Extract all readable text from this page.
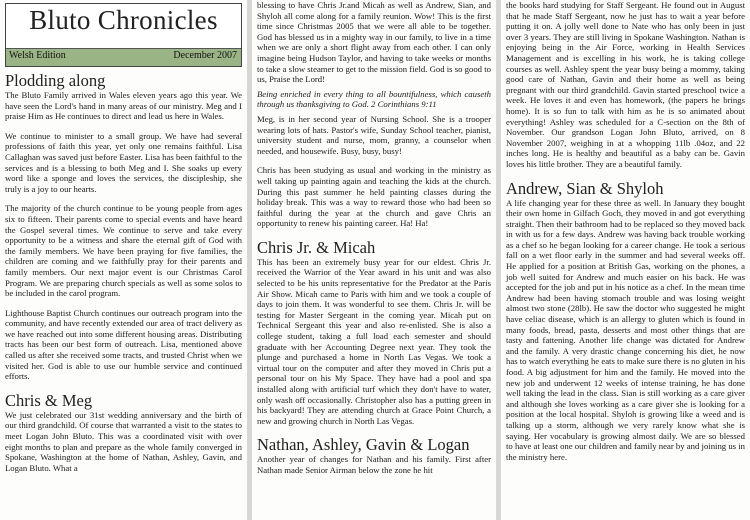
Bluto Chronicles
Welsh Edition	December 2007
Plodding along

The Bluto Family arrived in Wales eleven years ago this year. We have seen the Lord's hand in many areas of our ministry. Meg and I praise Him as He continues to direct and lead us here in Wales.

We continue to minister to a small group. We have had several professions of faith this year, yet only one remains faithful. Lisa Callaghan was saved just before Easter. Lisa has been faithful to the services and is a blessing to both Meg and I. She soaks up every word like a sponge and loves the services, the discipleship, she truly is a joy to our hearts.

The majority of the church continue to be young people from ages six to fifteen. Their parents come to special events and have heard the Gospel several times. We continue to serve and take every opportunity to be a witness and share the eternal gift of God with the family members. We have been praying for five families, the children are coming and we faithfully pray for their parents and family members. Our next major event is our Christmas Carol Program. We are preparing church specials as well as some solos to be included in the carol program.

Lighthouse Baptist Church continues our outreach program into the community, and have recently extended our area of tract delivery as we have reached out into some different housing areas. Distributing tracts has been our best form of outreach. Lisa, mentioned above called us after she received some tracts, and trusted Christ when we visited her. God is able to use our humble service and continued efforts.

Chris & Meg

We just celebrated our 31st wedding anniversary and the birth of our third grandchild. Of course that warranted a visit to the states to meet Logan John Bluto. This was a coordinated visit with over eight months to plan and prepare as the whole family converged in Spokane, Washington at the home of Nathan, Ashley, Gavin, and Logan Bluto. What a

blessing to have Chris Jr.and Micah as well as Andrew, Sian, and Shyloh all come along for a family reunion. Wow! This is the first time since Christmas 2005 that we were all able to be together. God has blessed us in a mighty way in our family, to live in a time when we are only a short flight away from each other. I can only imagine being Hudson Taylor, and having to take weeks or months to take a slow steamer to get to the mission field. God is so good to us, Praise the Lord!

Being enriched in every thing to all bountifulness, which causeth through us thanksgiving to God. 2 Corinthians 9:11

Meg, is in her second year of Nursing School. She is a trooper wearing lots of hats. Pastor's wife, Sunday School teacher, pianist, university student and nurse, mom, granny, a counselor when needed, and housewife. Busy, busy, busy!

Chris has been studying as usual and working in the ministry as well taking up painting again and teaching the kids at the church. During this past summer he held painting classes during the holiday break. This was a way to reward those who had been so faithful during the year at the church and gave Chris an opportunity to renew his painting career. Ha! Ha!

Chris Jr. & Micah

This has been an extremely busy year for our eldest. Chris Jr. received the Warrior of the Year award in his unit and was also selected to be his units representative for the Predator at the Paris Air Show. Micah came to Paris with him and we took a couple of days to join them. It was wonderful to see them. Chris Jr. will be testing for Master Sergeant in the coming year. Micah put on Technical Sergeant this year and also re-enlisted. She is also a college student, taking a full load each semester and should graduate with her Accounting Degree next year. They took the plunge and purchased a home in North Las Vegas. We took a virtual tour on the computer and after they moved in Chris put a personal tour on his My Space. They have had a pool and spa installed along with artificial turf which they don't have to water, only wash off occasionally. Christopher also has a putting green in his backyard! They are attending church at Grace Point Church, a new and growing church in North Las Vegas.

Nathan, Ashley, Gavin & Logan

Another year of changes for Nathan and his family. First after Nathan made Senior Airman below the zone he hit

the books hard studying for Staff Sergeant. He found out in August that he made Staff Sergeant, now he just has to wait a year before putting it on. A jolly well done to Nate who has only been in just over 3 years. They are still living in Spokane Washington. Nathan is enjoying being in the Air Force, working in Health Services Management and is excelling in his work, he is taking college courses as well. Ashley spent the year busy being a mommy, taking good care of Nathan, Gavin and their home as well as being pregnant with our third grandchild. Gavin started preschool twice a week. He loves it and even has homework, (the papers he brings home). It is so fun to talk with him as he is so animated about everything! Ashley was scheduled for a C-section on the 8th of November. Our grandson Logan John Bluto, arrived, on 8 November 2007, weighing in at a whopping 11lb .04oz, and 22 inches long. He is healthy and beautiful as a baby can be. Gavin loves his little brother. They are a beautiful family.

Andrew, Sian & Shyloh

A life changing year for these three as well. In January they bought their own home in Gilfach Goch, they moved in and got everything straight. Then their bathroom had to be replaced so they moved back in with us for a few days. Andrew was having back trouble working as a chef so he began looking for a career change. He took a serious fall on a wet floor early in the summer and had several weeks off. He applied for a position at British Gas, working on the phones, a job well suited for Andrew and much easier on his back. He was accepted for the job and put in his notice as a chef. In the mean time Andrew had been having stomach trouble and was losing weight almost two stone (28lb). He saw the doctor who suggested he might have celiac disease, which is an allergy to gluten which is found in many foods, bread, pasta, desserts and most other things that are tasty and fattening. Another life change was dictated for Andrew and the family. A very drastic change concerning his diet, he now has to watch everything he eats to make sure there is no gluten in his food. A big adjustment for him and the family. He moved into the new job and underwent 12 weeks of intense training, he has done well taking the lead in the class. Sian is still working as a care giver and although she loves working as a care giver she is looking for a position at the local hospital. Shyloh is growing like a weed and is talking up a storm, although we very rarely know what she is saying. Her vocabulary is growing almost daily. We are so blessed to have at least one our children and family near by and joining us in the ministry here.
